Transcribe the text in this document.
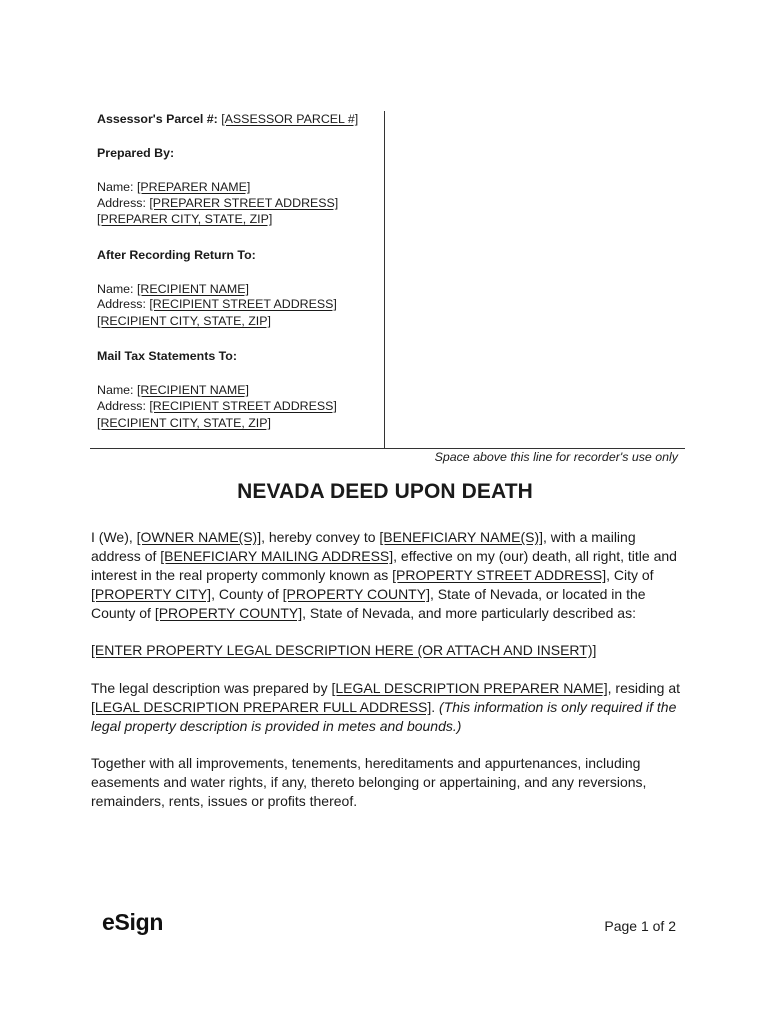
Assessor's Parcel #: [ASSESSOR PARCEL #]
Prepared By:
Name: [PREPARER NAME]
Address: [PREPARER STREET ADDRESS]
[PREPARER CITY, STATE, ZIP]
After Recording Return To:
Name: [RECIPIENT NAME]
Address: [RECIPIENT STREET ADDRESS]
[RECIPIENT CITY, STATE, ZIP]
Mail Tax Statements To:
Name: [RECIPIENT NAME]
Address: [RECIPIENT STREET ADDRESS]
[RECIPIENT CITY, STATE, ZIP]
Space above this line for recorder's use only
NEVADA DEED UPON DEATH
I (We), [OWNER NAME(S)], hereby convey to [BENEFICIARY NAME(S)], with a mailing address of [BENEFICIARY MAILING ADDRESS], effective on my (our) death, all right, title and interest in the real property commonly known as [PROPERTY STREET ADDRESS], City of [PROPERTY CITY], County of [PROPERTY COUNTY], State of Nevada, or located in the County of [PROPERTY COUNTY], State of Nevada, and more particularly described as:
[ENTER PROPERTY LEGAL DESCRIPTION HERE (OR ATTACH AND INSERT)]
The legal description was prepared by [LEGAL DESCRIPTION PREPARER NAME], residing at [LEGAL DESCRIPTION PREPARER FULL ADDRESS]. (This information is only required if the legal property description is provided in metes and bounds.)
Together with all improvements, tenements, hereditaments and appurtenances, including easements and water rights, if any, thereto belonging or appertaining, and any reversions, remainders, rents, issues or profits thereof.
eSign	Page 1 of 2
